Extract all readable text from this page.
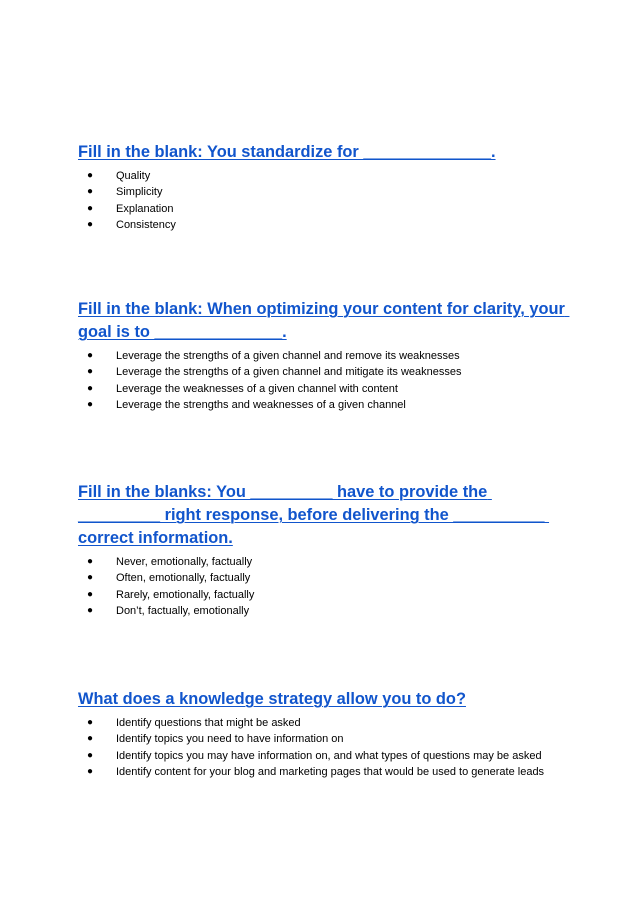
Fill in the blank: You standardize for ______________.
● Quality
● Simplicity
● Explanation
● Consistency
Fill in the blank: When optimizing your content for clarity, your goal is to ______________.
● Leverage the strengths of a given channel and remove its weaknesses
● Leverage the strengths of a given channel and mitigate its weaknesses
● Leverage the weaknesses of a given channel with content
● Leverage the strengths and weaknesses of a given channel
Fill in the blanks: You _________ have to provide the _________ right response, before delivering the __________ correct information.
● Never, emotionally, factually
● Often, emotionally, factually
● Rarely, emotionally, factually
● Don’t, factually, emotionally
What does a knowledge strategy allow you to do?
● Identify questions that might be asked
● Identify topics you need to have information on
● Identify topics you may have information on, and what types of questions may be asked
● Identify content for your blog and marketing pages that would be used to generate leads
